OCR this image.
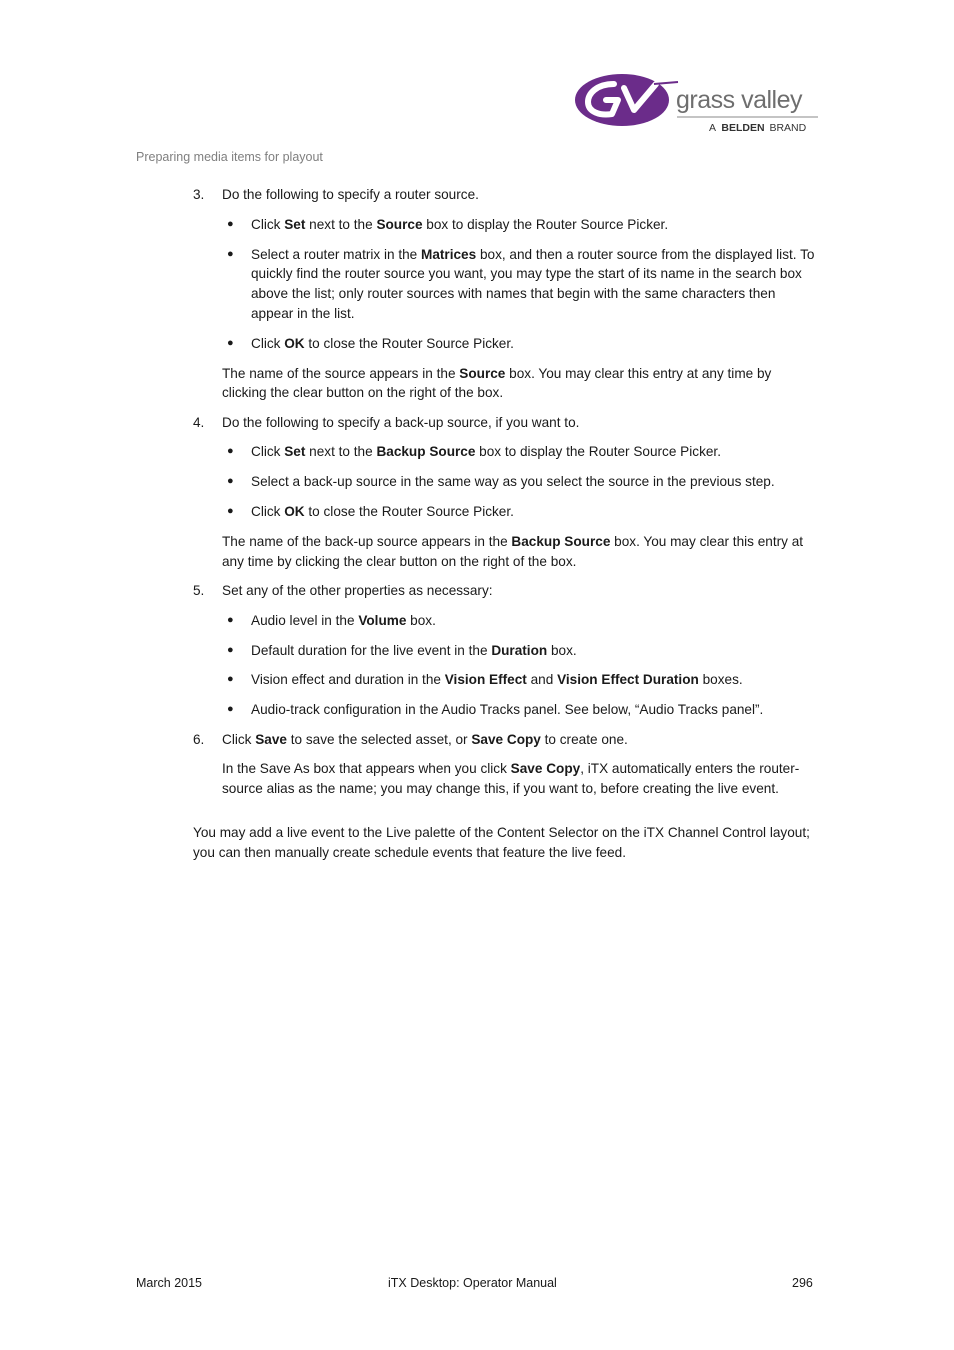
grass valley
A BELDEN BRAND
Preparing media items for playout
3. Do the following to specify a router source.
● Click Set next to the Source box to display the Router Source Picker.
● Select a router matrix in the Matrices box, and then a router source from the displayed list. To quickly find the router source you want, you may type the start of its name in the search box above the list; only router sources with names that begin with the same characters then appear in the list.
● Click OK to close the Router Source Picker.
The name of the source appears in the Source box. You may clear this entry at any time by clicking the clear button on the right of the box.
4. Do the following to specify a back-up source, if you want to.
● Click Set next to the Backup Source box to display the Router Source Picker.
● Select a back-up source in the same way as you select the source in the previous step.
● Click OK to close the Router Source Picker.
The name of the back-up source appears in the Backup Source box. You may clear this entry at any time by clicking the clear button on the right of the box.
5. Set any of the other properties as necessary:
● Audio level in the Volume box.
● Default duration for the live event in the Duration box.
● Vision effect and duration in the Vision Effect and Vision Effect Duration boxes.
● Audio-track configuration in the Audio Tracks panel. See below, “Audio Tracks panel”.
6. Click Save to save the selected asset, or Save Copy to create one.
In the Save As box that appears when you click Save Copy, iTX automatically enters the router-source alias as the name; you may change this, if you want to, before creating the live event.
You may add a live event to the Live palette of the Content Selector on the iTX Channel Control layout; you can then manually create schedule events that feature the live feed.
March 2015	iTX Desktop: Operator Manual	296
